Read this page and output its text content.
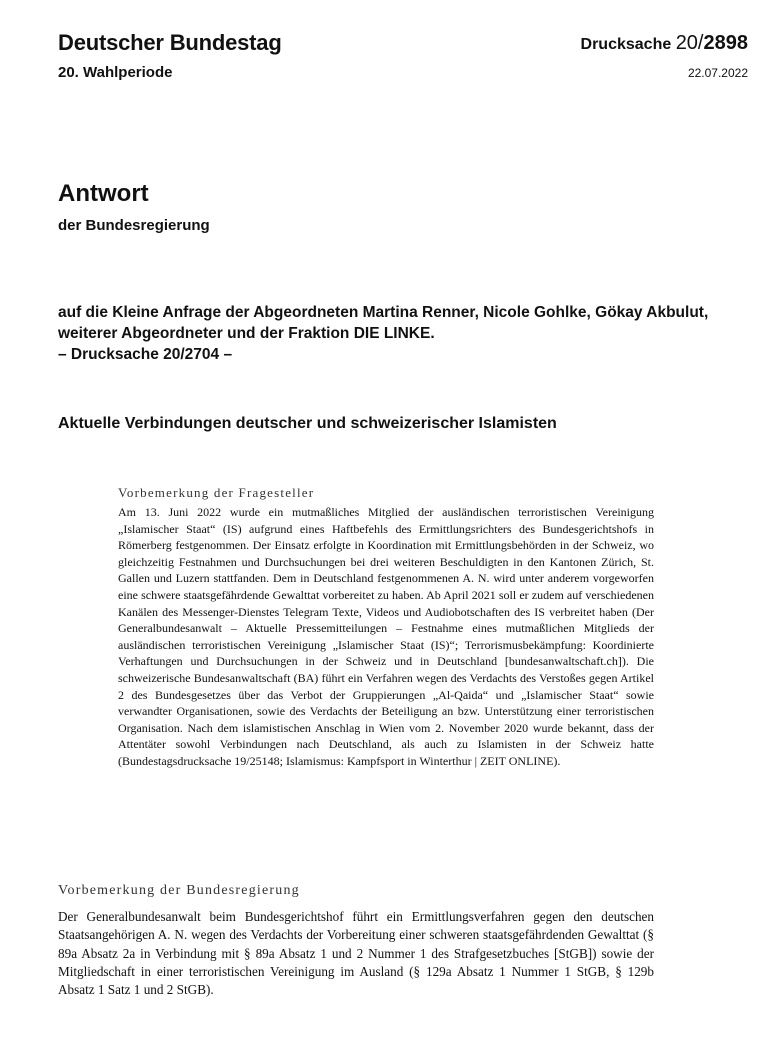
Deutscher Bundestag
20. Wahlperiode
Drucksache 20/2898
22.07.2022
Antwort
der Bundesregierung
auf die Kleine Anfrage der Abgeordneten Martina Renner, Nicole Gohlke, Gökay Akbulut, weiterer Abgeordneter und der Fraktion DIE LINKE.
– Drucksache 20/2704 –
Aktuelle Verbindungen deutscher und schweizerischer Islamisten
Vorbemerkung der Fragesteller
Am 13. Juni 2022 wurde ein mutmaßliches Mitglied der ausländischen terroristischen Vereinigung „Islamischer Staat“ (IS) aufgrund eines Haftbefehls des Ermittlungsrichters des Bundesgerichtshofs in Römerberg festgenommen. Der Einsatz erfolgte in Koordination mit Ermittlungsbehörden in der Schweiz, wo gleichzeitig Festnahmen und Durchsuchungen bei drei weiteren Beschuldigten in den Kantonen Zürich, St. Gallen und Luzern stattfanden. Dem in Deutschland festgenommenen A. N. wird unter anderem vorgeworfen eine schwere staatsgefährdende Gewalttat vorbereitet zu haben. Ab April 2021 soll er zudem auf verschiedenen Kanälen des Messenger-Dienstes Telegram Texte, Videos und Audiobotschaften des IS verbreitet haben (Der Generalbundesanwalt – Aktuelle Pressemitteilungen – Festnahme eines mutmaßlichen Mitglieds der ausländischen terroristischen Vereinigung „Islamischer Staat (IS)“; Terrorismusbekämpfung: Koordinierte Verhaftungen und Durchsuchungen in der Schweiz und in Deutschland [bundesanwaltschaft.ch]). Die schweizerische Bundesanwaltschaft (BA) führt ein Verfahren wegen des Verdachts des Verstoßes gegen Artikel 2 des Bundesgesetzes über das Verbot der Gruppierungen „Al-Qaida“ und „Islamischer Staat“ sowie verwandter Organisationen, sowie des Verdachts der Beteiligung an bzw. Unterstützung einer terroristischen Organisation. Nach dem islamistischen Anschlag in Wien vom 2. November 2020 wurde bekannt, dass der Attentäter sowohl Verbindungen nach Deutschland, als auch zu Islamisten in der Schweiz hatte (Bundestagsdrucksache 19/25148; Islamismus: Kampfsport in Winterthur | ZEIT ONLINE).
Vorbemerkung der Bundesregierung
Der Generalbundesanwalt beim Bundesgerichtshof führt ein Ermittlungsverfahren gegen den deutschen Staatsangehörigen A. N. wegen des Verdachts der Vorbereitung einer schweren staatsgefährdenden Gewalttat (§ 89a Absatz 2a in Verbindung mit § 89a Absatz 1 und 2 Nummer 1 des Strafgesetzbuches [StGB]) sowie der Mitgliedschaft in einer terroristischen Vereinigung im Ausland (§ 129a Absatz 1 Nummer 1 StGB, § 129b Absatz 1 Satz 1 und 2 StGB).
